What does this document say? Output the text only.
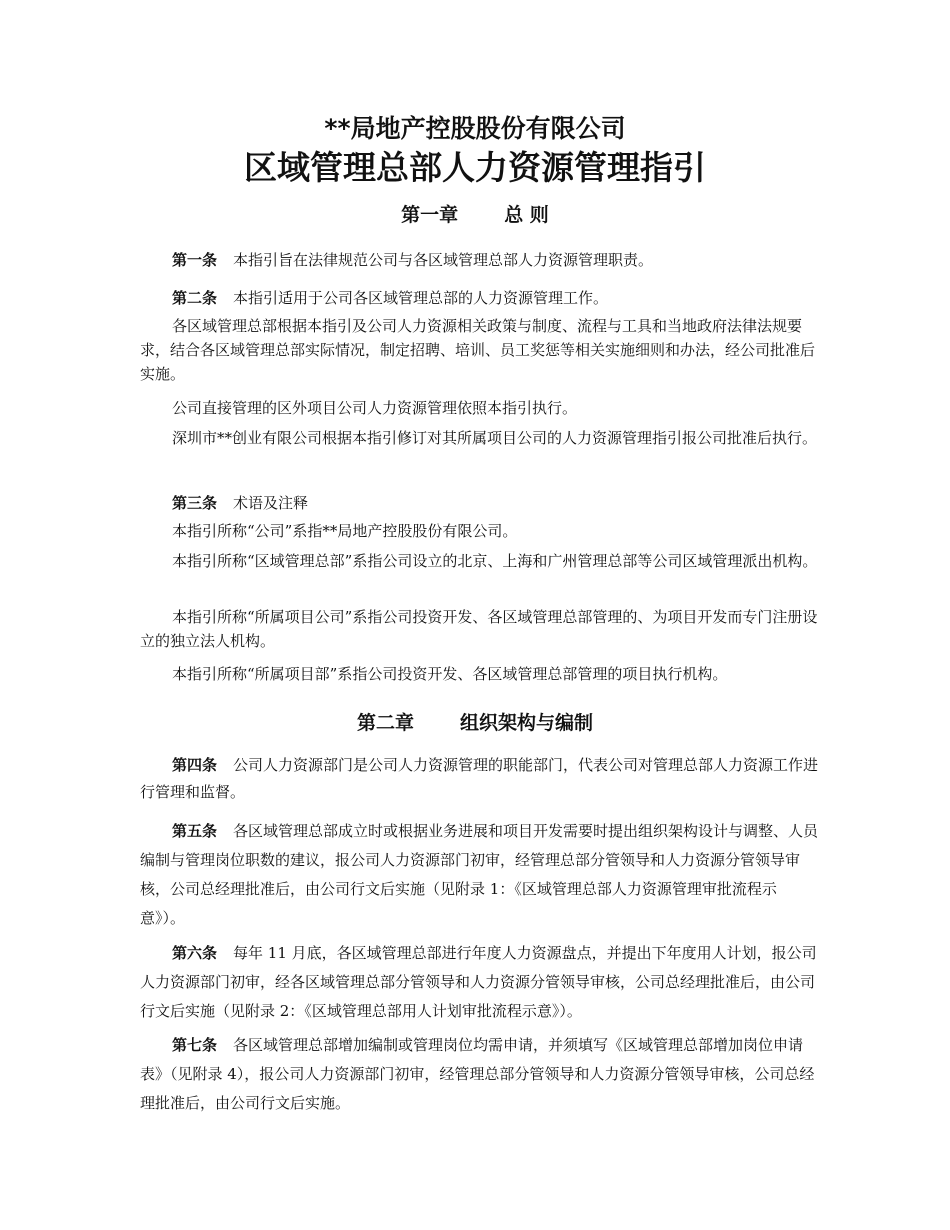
**局地产控股股份有限公司
区域管理总部人力资源管理指引
第一章 总 则
第一条 本指引旨在法律规范公司与各区域管理总部人力资源管理职责。
第二条 本指引适用于公司各区域管理总部的人力资源管理工作。
各区域管理总部根据本指引及公司人力资源相关政策与制度、流程与工具和当地政府法律法规要求，结合各区域管理总部实际情况，制定招聘、培训、员工奖惩等相关实施细则和办法，经公司批准后实施。
公司直接管理的区外项目公司人力资源管理依照本指引执行。
深圳市**创业有限公司根据本指引修订对其所属项目公司的人力资源管理指引报公司批准后执行。
第三条 术语及注释
本指引所称“公司”系指**局地产控股股份有限公司。
本指引所称“区域管理总部”系指公司设立的北京、上海和广州管理总部等公司区域管理派出机构。
本指引所称“所属项目公司”系指公司投资开发、各区域管理总部管理的、为项目开发而专门注册设立的独立法人机构。
本指引所称“所属项目部”系指公司投资开发、各区域管理总部管理的项目执行机构。
第二章 组织架构与编制
第四条 公司人力资源部门是公司人力资源管理的职能部门，代表公司对管理总部人力资源工作进行管理和监督。
第五条 各区域管理总部成立时或根据业务进展和项目开发需要时提出组织架构设计与调整、人员编制与管理岗位职数的建议，报公司人力资源部门初审，经管理总部分管领导和人力资源分管领导审核，公司总经理批准后，由公司行文后实施（见附录 1：《区域管理总部人力资源管理审批流程示意》）。
第六条 每年 11 月底，各区域管理总部进行年度人力资源盘点，并提出下年度用人计划，报公司人力资源部门初审，经各区域管理总部分管领导和人力资源分管领导审核，公司总经理批准后，由公司行文后实施（见附录 2：《区域管理总部用人计划审批流程示意》）。
第七条 各区域管理总部增加编制或管理岗位均需申请，并须填写《区域管理总部增加岗位申请表》（见附录 4），报公司人力资源部门初审，经管理总部分管领导和人力资源分管领导审核，公司总经理批准后，由公司行文后实施。
